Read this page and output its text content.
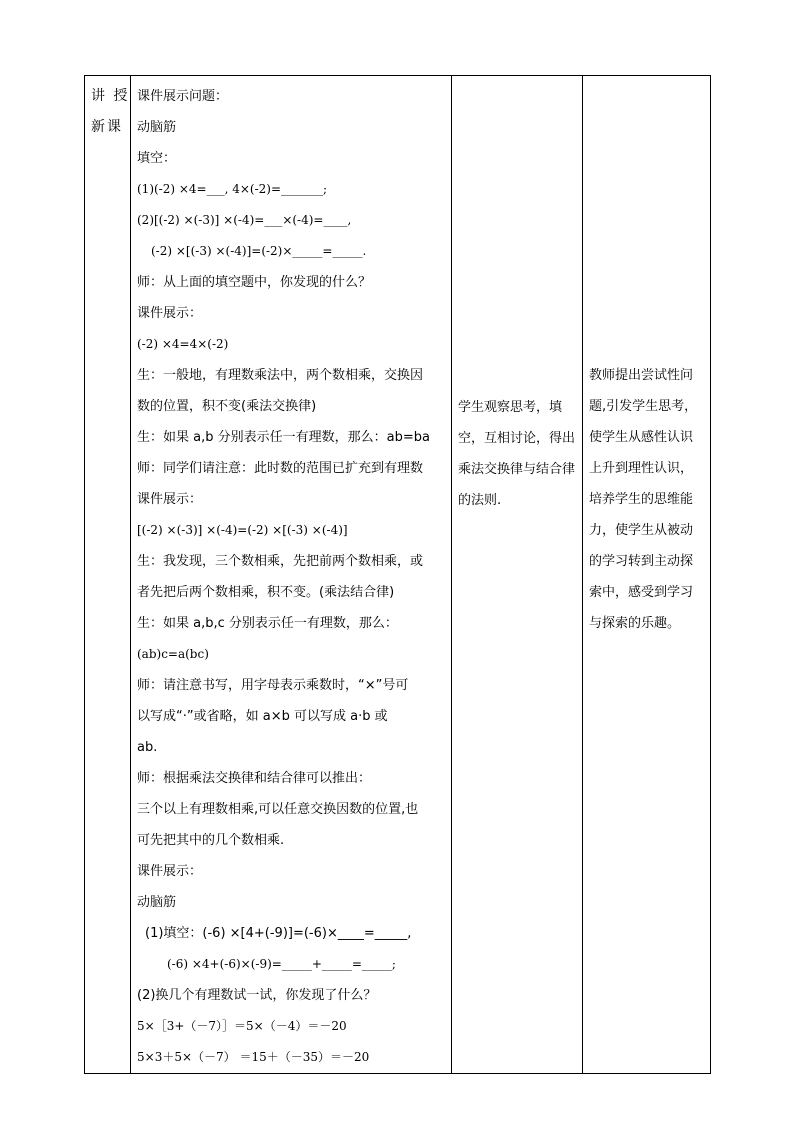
讲 授
新课

课件展示问题：
动脑筋
填空：
(1)(-2) ×4=___, 4×(-2)=_______;
(2)[(-2) ×(-3)] ×(-4)=___×(-4)=____,
(-2) ×[(-3) ×(-4)]=(-2)×_____=_____.
师：从上面的填空题中，你发现的什么？
课件展示：
(-2) ×4=4×(-2)
生：一般地，有理数乘法中，两个数相乘，交换因
数的位置，积不变(乘法交换律)
生：如果 a,b 分别表示任一有理数，那么：ab=ba
师：同学们请注意：此时数的范围已扩充到有理数
课件展示：
[(-2) ×(-3)] ×(-4)=(-2) ×[(-3) ×(-4)]
生：我发现，三个数相乘，先把前两个数相乘，或
者先把后两个数相乘，积不变。(乘法结合律)
生：如果 a,b,c 分别表示任一有理数，那么：
(ab)c=a(bc)
师：请注意书写，用字母表示乘数时，“×”号可
以写成“·”或省略，如 a×b 可以写成 a·b 或
ab.
师：根据乘法交换律和结合律可以推出：
三个以上有理数相乘,可以任意交换因数的位置,也
可先把其中的几个数相乘.
课件展示：
动脑筋
(1)填空：(-6) ×[4+(-9)]=(-6)×____=_____,
(-6) ×4+(-6)×(-9)=_____+_____=_____;
(2)换几个有理数试一试，你发现了什么？
5×［3+（－7）］＝5×（－4）＝－20
5×3＋5×（－7） ＝15＋（－35）＝－20

学生观察思考，填空，互相讨论，得出乘法交换律与结合律的法则.

教师提出尝试性问题,引发学生思考，使学生从感性认识上升到理性认识，培养学生的思维能力，使学生从被动的学习转到主动探索中，感受到学习与探索的乐趣。
